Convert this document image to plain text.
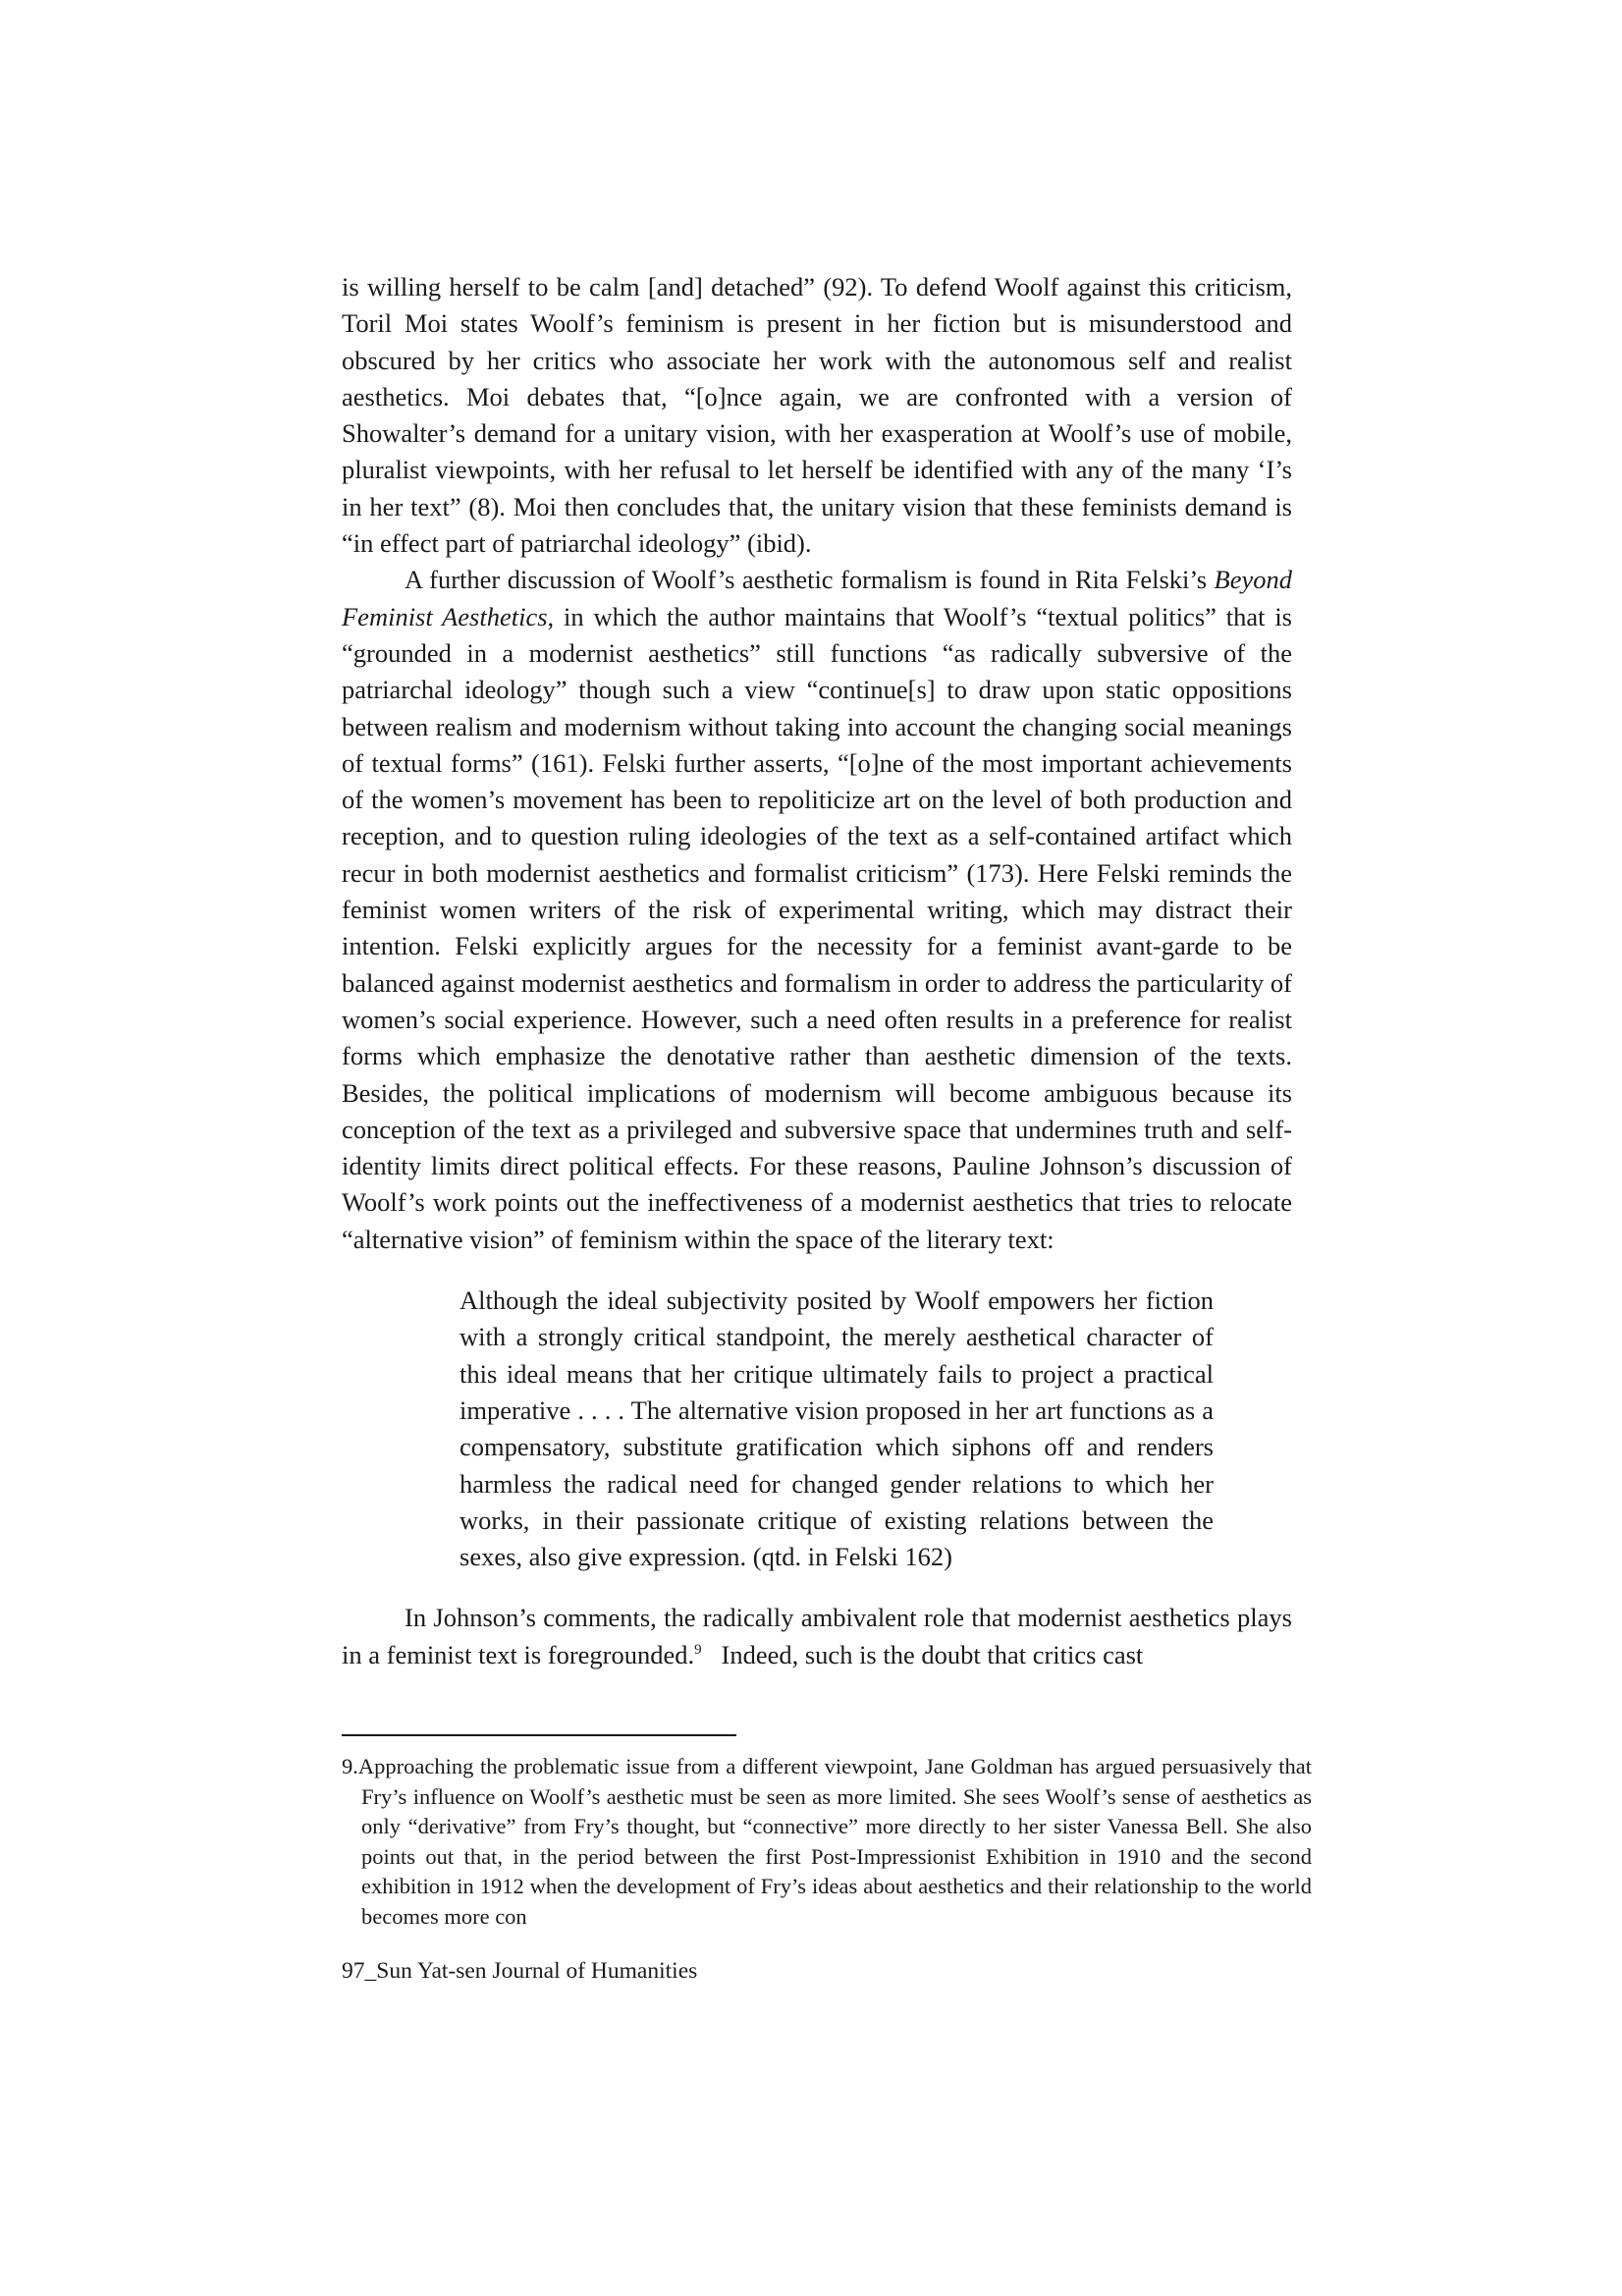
is willing herself to be calm [and] detached” (92). To defend Woolf against this criticism, Toril Moi states Woolf’s feminism is present in her fiction but is misunderstood and obscured by her critics who associate her work with the autonomous self and realist aesthetics. Moi debates that, “[o]nce again, we are confronted with a version of Showalter’s demand for a unitary vision, with her exasperation at Woolf’s use of mobile, pluralist viewpoints, with her refusal to let herself be identified with any of the many ‘I’s in her text” (8). Moi then concludes that, the unitary vision that these feminists demand is “in effect part of patriarchal ideology” (ibid).

A further discussion of Woolf’s aesthetic formalism is found in Rita Felski’s Beyond Feminist Aesthetics, in which the author maintains that Woolf’s “textual politics” that is “grounded in a modernist aesthetics” still functions “as radically subversive of the patriarchal ideology” though such a view “continue[s] to draw upon static oppositions between realism and modernism without taking into account the changing social meanings of textual forms” (161). Felski further asserts, “[o]ne of the most important achievements of the women’s movement has been to repoliticize art on the level of both production and reception, and to question ruling ideologies of the text as a self-contained artifact which recur in both modernist aesthetics and formalist criticism” (173). Here Felski reminds the feminist women writers of the risk of experimental writing, which may distract their intention. Felski explicitly argues for the necessity for a feminist avant-garde to be balanced against modernist aesthetics and formalism in order to address the particularity of women’s social experience. However, such a need often results in a preference for realist forms which emphasize the denotative rather than aesthetic dimension of the texts. Besides, the political implications of modernism will become ambiguous because its conception of the text as a privileged and subversive space that undermines truth and self-identity limits direct political effects. For these reasons, Pauline Johnson’s discussion of Woolf’s work points out the ineffectiveness of a modernist aesthetics that tries to relocate “alternative vision” of feminism within the space of the literary text:

Although the ideal subjectivity posited by Woolf empowers her fiction with a strongly critical standpoint, the merely aesthetical character of this ideal means that her critique ultimately fails to project a practical imperative . . . . The alternative vision proposed in her art functions as a compensatory, substitute gratification which siphons off and renders harmless the radical need for changed gender relations to which her works, in their passionate critique of existing relations between the sexes, also give expression. (qtd. in Felski 162)

In Johnson’s comments, the radically ambivalent role that modernist aesthetics plays in a feminist text is foregrounded.$^9$   Indeed, such is the doubt that critics cast

9.Approaching the problematic issue from a different viewpoint, Jane Goldman has argued persuasively that Fry’s influence on Woolf’s aesthetic must be seen as more limited. She sees Woolf’s sense of aesthetics as only “derivative” from Fry’s thought, but “connective” more directly to her sister Vanessa Bell. She also points out that, in the period between the first Post-Impressionist Exhibition in 1910 and the second exhibition in 1912 when the development of Fry’s ideas about aesthetics and their relationship to the world becomes more con
97_Sun Yat-sen Journal of Humanities
